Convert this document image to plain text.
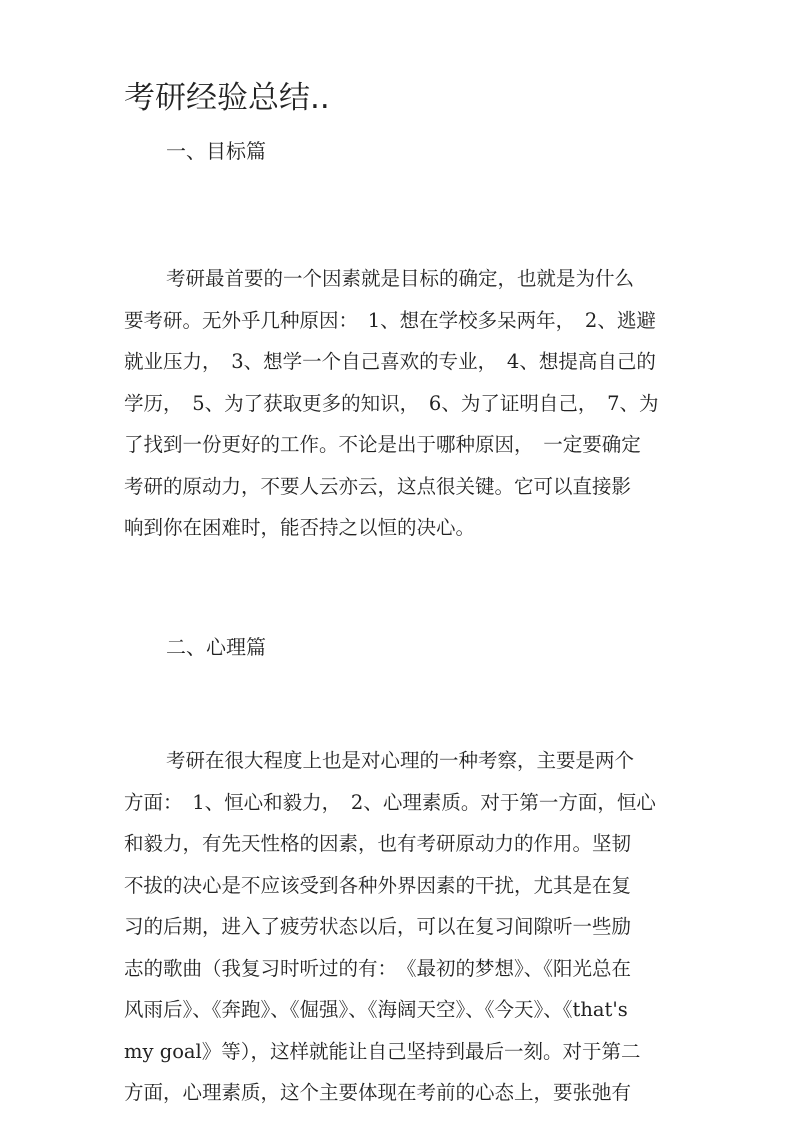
考研经验总结..
一、目标篇
考研最首要的一个因素就是目标的确定，也就是为什么
要考研。无外乎几种原因：　1、想在学校多呆两年，　2、逃避
就业压力，　3、想学一个自己喜欢的专业，　4、想提高自己的
学历，　5、为了获取更多的知识，　6、为了证明自己，　7、为
了找到一份更好的工作。不论是出于哪种原因，　一定要确定
考研的原动力，不要人云亦云，这点很关键。它可以直接影
响到你在困难时，能否持之以恒的决心。
二、心理篇
考研在很大程度上也是对心理的一种考察，主要是两个
方面：　1、恒心和毅力，　2、心理素质。对于第一方面，恒心
和毅力，有先天性格的因素，也有考研原动力的作用。坚韧
不拔的决心是不应该受到各种外界因素的干扰，尤其是在复
习的后期，进入了疲劳状态以后，可以在复习间隙听一些励
志的歌曲（我复习时听过的有：　《最初的梦想》、《阳光总在
风雨后》、《奔跑》、《倔强》、《海阔天空》、《今天》、《that's
my goal》等），这样就能让自己坚持到最后一刻。对于第二
方面，心理素质，这个主要体现在考前的心态上，要张弛有
